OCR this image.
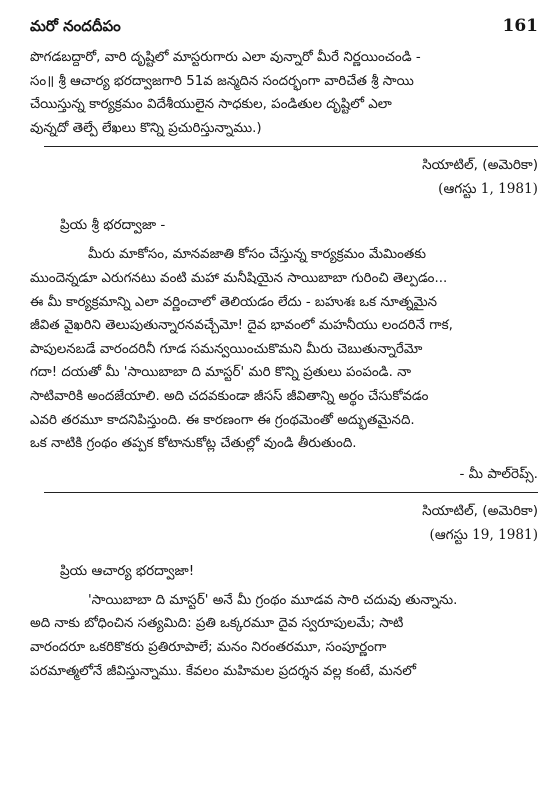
మరో నందదీపం	161

పొగడబద్దారో, వారి దృష్టిలో మాస్టరుగారు ఎలా వున్నారో మీరే నిర్ణయించండి -

సం॥ శ్రీ ఆచార్య భరద్వాజగారి 51వ జన్మదిన సందర్భంగా వారిచేత శ్రీ సాయి

చేయిస్తున్న కార్యక్రమం విదేశీయులైన సాధకుల, పండితుల దృష్టిలో ఎలా

వున్నదో తెల్పే లేఖలు కొన్ని ప్రచురిస్తున్నాము.)

సియాటిల్, (అమెరికా)
(ఆగస్టు 1, 1981)
ప్రియ శ్రీ భరద్వాజా -

మీరు మాకోసం, మానవజాతి కోసం చేస్తున్న కార్యక్రమం మేమింతకు

ముందెన్నడూ ఎరుగనటు వంటి మహా మనీషియైన సాయిబాబా గురించి తెల్పడం...

ఈ మీ కార్యక్రమాన్ని ఎలా వర్ణించాలో తెలియడం లేదు - బహుశః ఒక నూత్నమైన

జీవిత వైఖరిని తెలుపుతున్నారనవచ్చేమో! దైవ భావంలో మహనీయు లందరినే గాక,

పాపులనబడే వారందరినీ గూడ సమన్వయించుకొమని మీరు చెబుతున్నారేమో

గదా! దయతో మీ 'సాయిబాబా ది మాస్టర్' మరి కొన్ని ప్రతులు పంపండి. నా

సాటివారికి అందజేయాలి. అది చదవకుండా జీసస్ జీవితాన్ని అర్థం చేసుకోవడం

ఎవరి తరమూ కాదనిపిస్తుంది. ఈ కారణంగా ఈ గ్రంథమెంతో అద్భుతమైనది.

ఒక నాటికి గ్రంథం తప్పక కోటానుకోట్ల చేతుల్లో వుండి తీరుతుంది.

- మీ పాల్‌రెప్స్.
సియాటిల్, (అమెరికా)
(ఆగస్టు 19, 1981)
ప్రియ ఆచార్య భరద్వాజా!

'సాయిబాబా ది మాస్టర్' అనే మీ గ్రంథం మూడవ సారి చదువు తున్నాను.

అది నాకు బోధించిన సత్యమిది: ప్రతి ఒక్కరమూ దైవ స్వరూపులమే; సాటి

వారందరూ ఒకరికొకరు ప్రతిరూపాలే; మనం నిరంతరమూ, సంపూర్ణంగా

పరమాత్మలోనే జీవిస్తున్నాము. కేవలం మహిమల ప్రదర్శన వల్ల కంటే, మనలో
